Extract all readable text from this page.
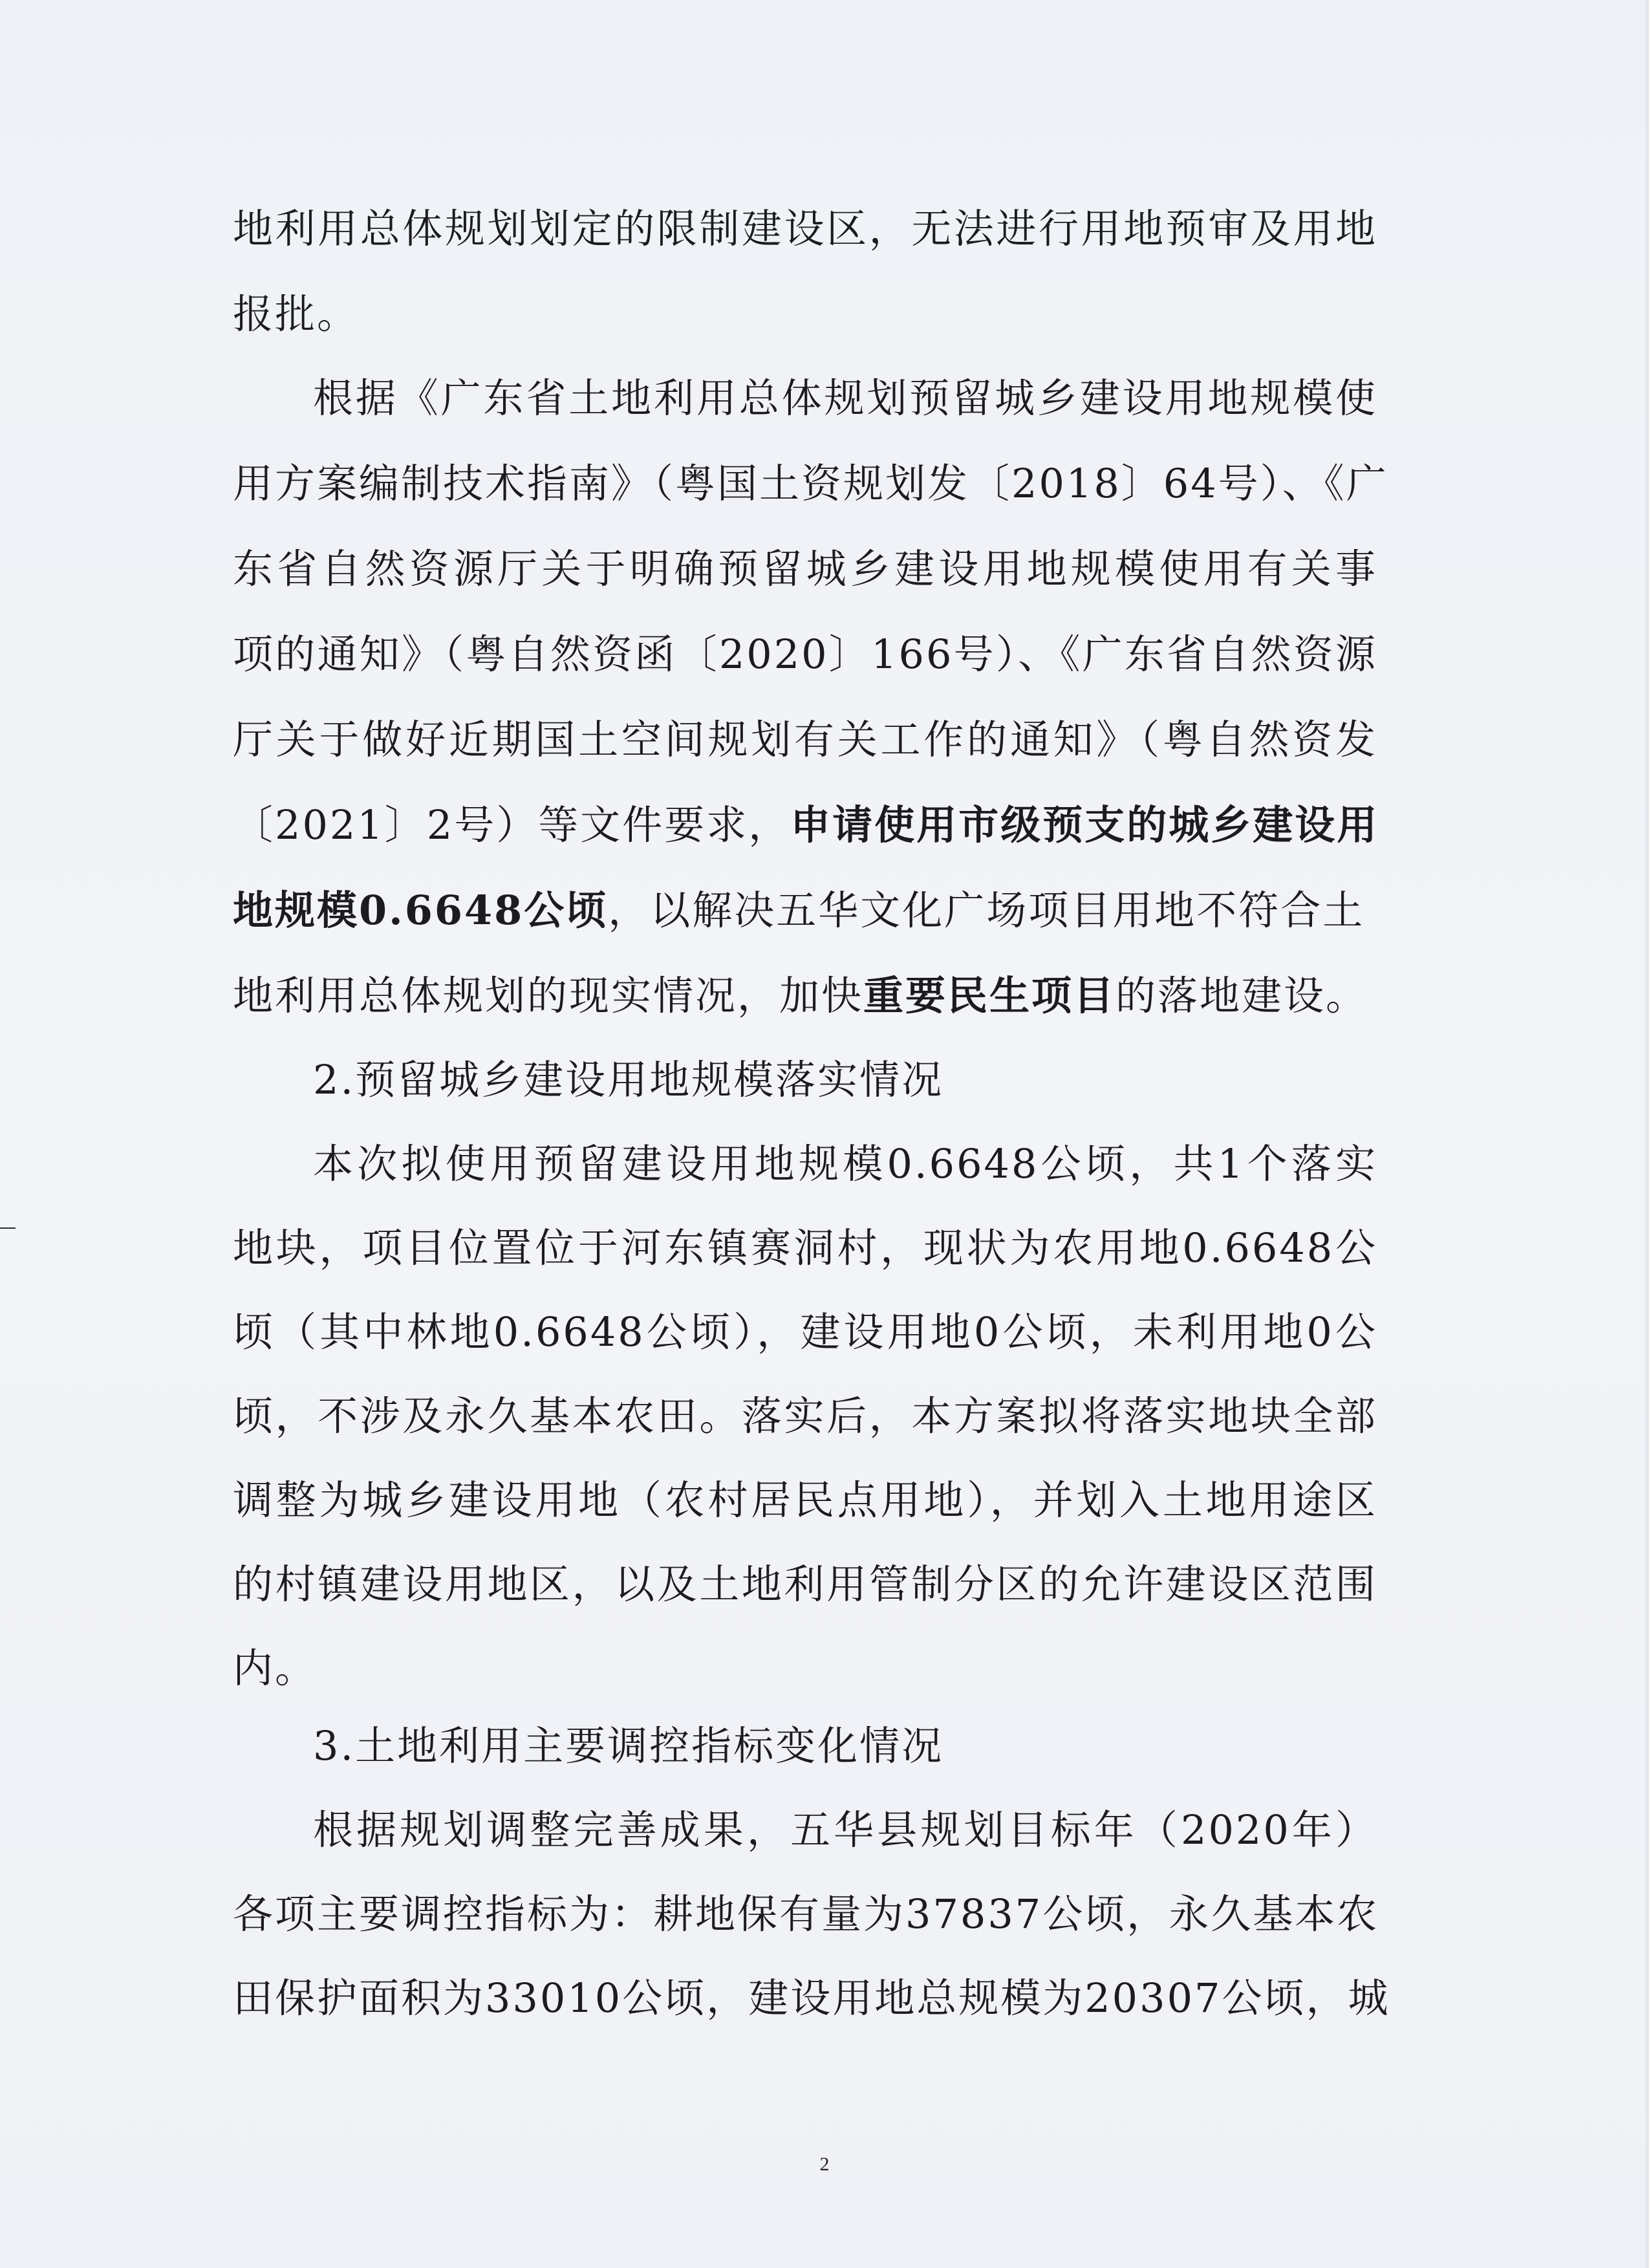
地利用总体规划划定的限制建设区，无法进行用地预审及用地
报批。
根据《广东省土地利用总体规划预留城乡建设用地规模使
用方案编制技术指南》（粤国土资规划发〔2018〕64号）、《广
东省自然资源厅关于明确预留城乡建设用地规模使用有关事
项的通知》（粤自然资函〔2020〕166号）、《广东省自然资源
厅关于做好近期国土空间规划有关工作的通知》（粤自然资发
〔2021〕2号）等文件要求，申请使用市级预支的城乡建设用
地规模0.6648公顷，以解决五华文化广场项目用地不符合土
地利用总体规划的现实情况，加快重要民生项目的落地建设。
2.预留城乡建设用地规模落实情况
本次拟使用预留建设用地规模0.6648公顷，共1个落实
地块，项目位置位于河东镇赛洞村，现状为农用地0.6648公
顷（其中林地0.6648公顷），建设用地0公顷，未利用地0公
顷，不涉及永久基本农田。落实后，本方案拟将落实地块全部
调整为城乡建设用地（农村居民点用地），并划入土地用途区
的村镇建设用地区，以及土地利用管制分区的允许建设区范围
内。
3.土地利用主要调控指标变化情况
根据规划调整完善成果，五华县规划目标年（2020年）
各项主要调控指标为：耕地保有量为37837公顷，永久基本农
田保护面积为33010公顷，建设用地总规模为20307公顷，城
2
